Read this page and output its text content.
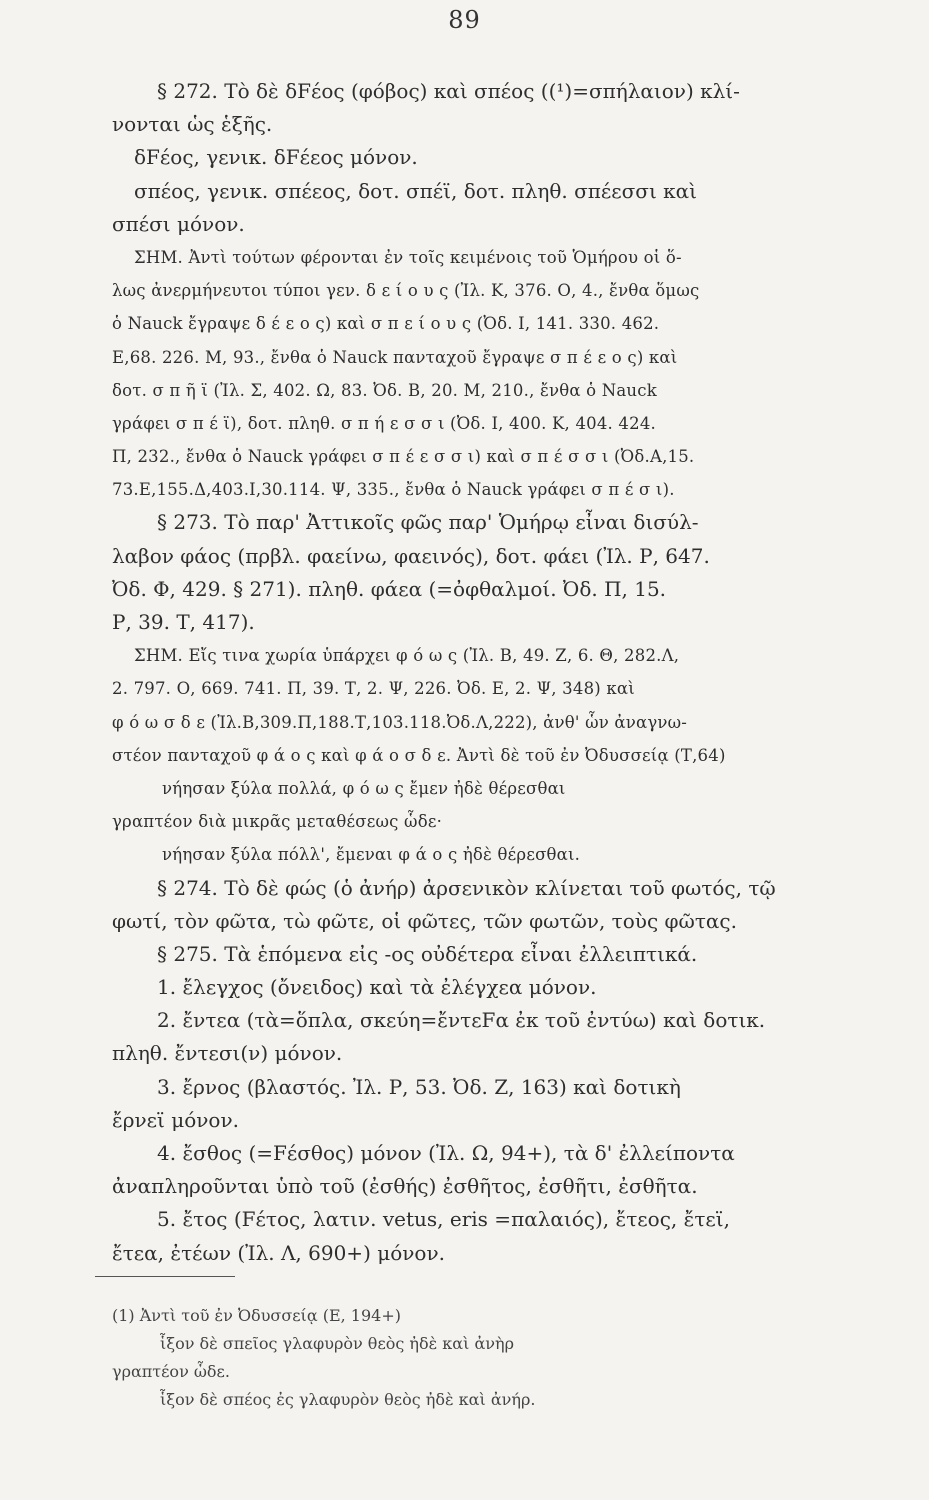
89
§ 272. Τὸ δὲ δFέος (φόβος) καὶ σπέος ((¹)=σπήλαιον) κλί-
νονται ὡς ἑξῆς.
δFέος, γενικ. δFέεος μόνον.
σπέος, γενικ. σπέεος, δοτ. σπέϊ, δοτ. πληθ. σπέεσσι καὶ
σπέσι μόνον.
ΣΗΜ. Ἀντὶ τούτων φέρονται ἐν τοῖς κειμένοις τοῦ Ὁμήρου οἱ ὅ-
λως ἀνερμήνευτοι τύποι γεν. δ ε ί ο υ ς (Ἰλ. Κ, 376. Ο, 4., ἔνθα ὅμως
ὁ Nauck ἔγραψε δ έ ε ο ς) καὶ σ π ε ί ο υ ς (Ὀδ. Ι, 141. 330. 462.
Ε,68. 226. Μ, 93., ἔνθα ὁ Nauck πανταχοῦ ἔγραψε σ π έ ε ο ς) καὶ
δοτ. σ π ῆ ϊ (Ἰλ. Σ, 402. Ω, 83. Ὀδ. Β, 20. Μ, 210., ἔνθα ὁ Nauck
γράφει σ π έ ϊ), δοτ. πληθ. σ π ή ε σ σ ι (Ὀδ. Ι, 400. Κ, 404. 424.
Π, 232., ἔνθα ὁ Nauck γράφει σ π έ ε σ σ ι) καὶ σ π έ σ σ ι (Ὀδ.Α,15.
73.Ε,155.Δ,403.Ι,30.114. Ψ, 335., ἔνθα ὁ Nauck γράφει σ π έ σ ι).
§ 273. Τὸ παρ' Ἀττικοῖς φῶς παρ' Ὁμήρῳ εἶναι δισύλ-
λαβον φάος (πρβλ. φαείνω, φαεινός), δοτ. φάει (Ἰλ. Ρ, 647.
Ὀδ. Φ, 429. § 271). πληθ. φάεα (=ὀφθαλμοί. Ὀδ. Π, 15.
Ρ, 39. Τ, 417).
ΣΗΜ. Εἴς τινα χωρία ὑπάρχει φ ό ω ς (Ἰλ. Β, 49. Ζ, 6. Θ, 282.Λ,
2. 797. Ο, 669. 741. Π, 39. Τ, 2. Ψ, 226. Ὀδ. Ε, 2. Ψ, 348) καὶ
φ ό ω σ δ ε (Ἰλ.Β,309.Π,188.Τ,103.118.Ὀδ.Λ,222), ἀνθ' ὧν ἀναγνω-
στέον πανταχοῦ φ ά ο ς καὶ φ ά ο σ δ ε. Ἀντὶ δὲ τοῦ ἐν Ὀδυσσείᾳ (Τ,64)
νήησαν ξύλα πολλά, φ ό ω ς ἔμεν ἠδὲ θέρεσθαι
γραπτέον διὰ μικρᾶς μεταθέσεως ὧδε·
νήησαν ξύλα πόλλ', ἔμεναι φ ά ο ς ἠδὲ θέρεσθαι.
§ 274. Τὸ δὲ φώς (ὁ ἀνήρ) ἀρσενικὸν κλίνεται τοῦ φωτός, τῷ
φωτί, τὸν φῶτα, τὼ φῶτε, οἱ φῶτες, τῶν φωτῶν, τοὺς φῶτας.
§ 275. Τὰ ἑπόμενα εἰς -ος οὐδέτερα εἶναι ἐλλειπτικά.
1. ἔλεγχος (ὄνειδος) καὶ τὰ ἐλέγχεα μόνον.
2. ἔντεα (τὰ=ὅπλα, σκεύη=ἔντεFα ἐκ τοῦ ἐντύω) καὶ δοτικ.
πληθ. ἔντεσι(ν) μόνον.
3. ἔρνος (βλαστός. Ἰλ. Ρ, 53. Ὀδ. Ζ, 163) καὶ δοτικὴ
ἔρνεϊ μόνον.
4. ἔσθος (=Fέσθος) μόνον (Ἰλ. Ω, 94+), τὰ δ' ἐλλείποντα
ἀναπληροῦνται ὑπὸ τοῦ (ἐσθής) ἐσθῆτος, ἐσθῆτι, ἐσθῆτα.
5. ἔτος (Fέτος, λατιν. vetus, eris =παλαιός), ἔτεος, ἔτεϊ,
ἔτεα, ἐτέων (Ἰλ. Λ, 690+) μόνον.
(1) Ἀντὶ τοῦ ἐν Ὀδυσσείᾳ (Ε, 194+)
ἷξον δὲ σπεῖος γλαφυρὸν θεὸς ἠδὲ καὶ ἀνὴρ
γραπτέον ὧδε.
ἷξον δὲ σπέος ἐς γλαφυρὸν θεὸς ἠδὲ καὶ ἀνήρ.
